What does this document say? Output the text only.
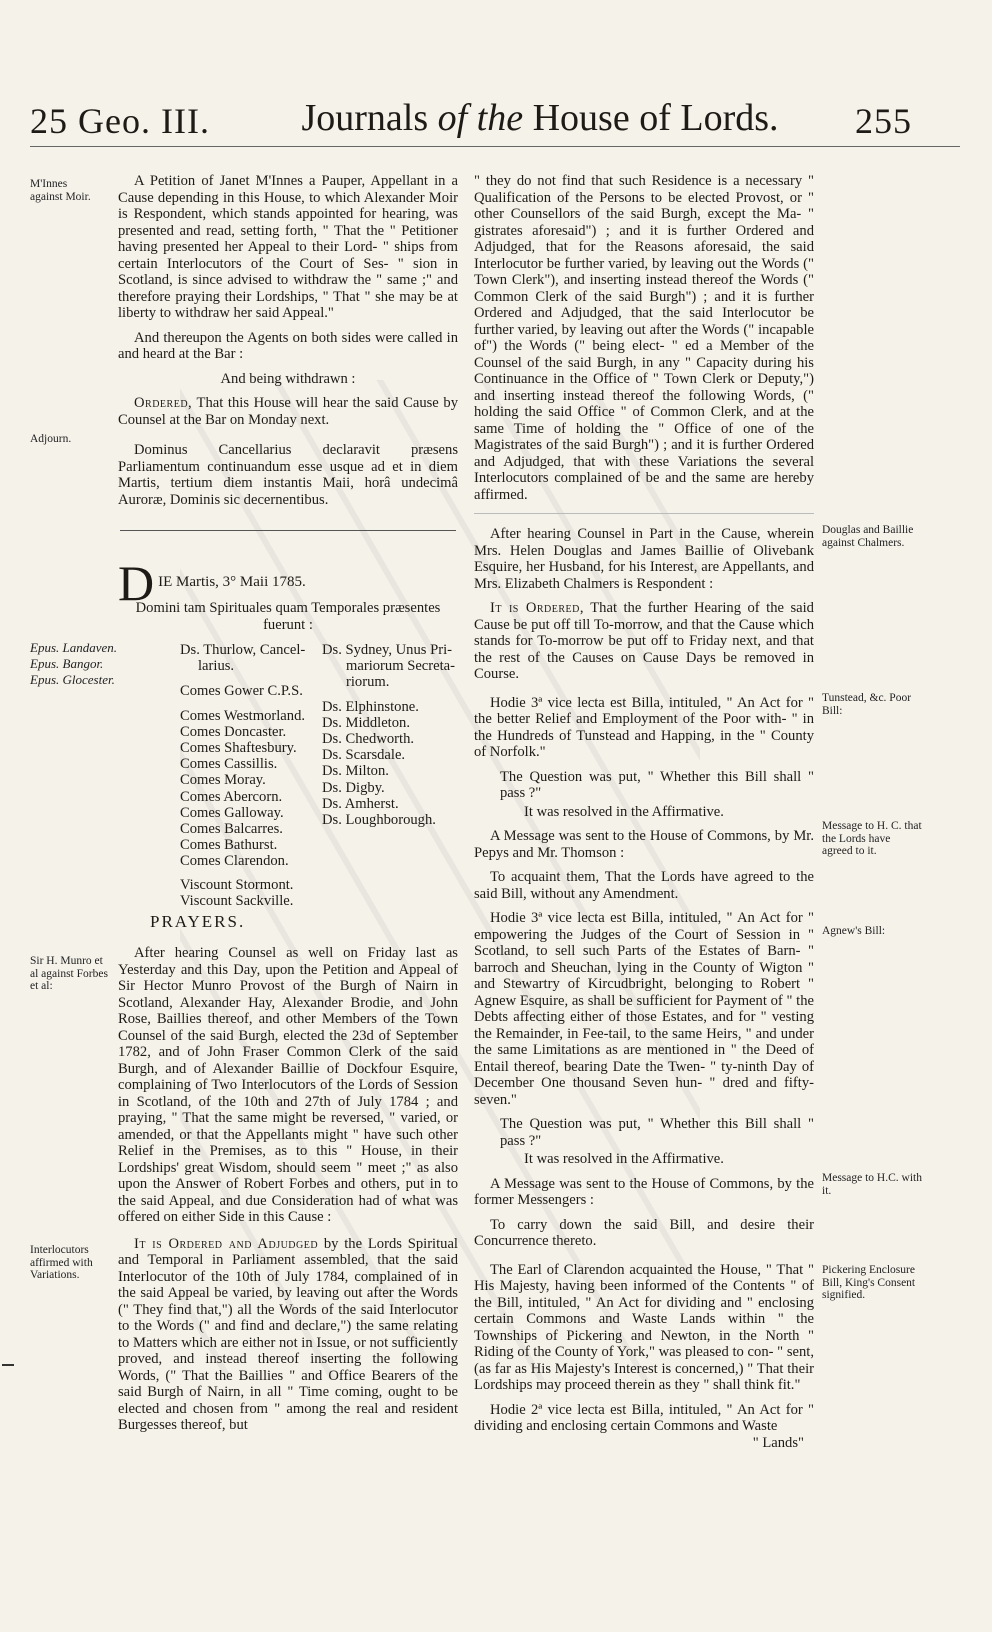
25 Geo. III.	Journals of the House of Lords.	255
M'Innes against Moir.
Adjourn.
Epus. Landaven.
Epus. Bangor.
Epus. Glocester.
Sir H. Munro et al against Forbes et al:
Interlocutors affirmed with Variations.

A Petition of Janet M'Innes a Pauper, Appellant in a Cause depending in this House, to which Alexander Moir is Respondent, which stands appointed for hearing, was presented and read, setting forth, " That the " Petitioner having presented her Appeal to their Lord- " ships from certain Interlocutors of the Court of Ses- " sion in Scotland, is since advised to withdraw the " same ;" and therefore praying their Lordships, " That " she may be at liberty to withdraw her said Appeal."

And thereupon the Agents on both sides were called in and heard at the Bar :

And being withdrawn :

Ordered, That this House will hear the said Cause by Counsel at the Bar on Monday next.

Dominus Cancellarius declaravit præsens Parliamentum continuandum esse usque ad et in diem Martis, tertium diem instantis Maii, horâ undecimâ Auroræ, Dominis sic decernentibus.

D IE Martis, 3° Maii 1785.
Domini tam Spirituales quam Temporales præsentes fuerunt :
Ds. Thurlow, Cancel-
larius.
Comes Gower C.P.S.
Comes Westmorland.
Comes Doncaster.
Comes Shaftesbury.
Comes Cassillis.
Comes Moray.
Comes Abercorn.
Comes Galloway.
Comes Balcarres.
Comes Bathurst.
Comes Clarendon.
Viscount Stormont.
Viscount Sackville.
Ds. Sydney, Unus Pri-
mariorum Secreta-
riorum.
Ds. Elphinstone.
Ds. Middleton.
Ds. Chedworth.
Ds. Scarsdale.
Ds. Milton.
Ds. Digby.
Ds. Amherst.
Ds. Loughborough.
PRAYERS.

After hearing Counsel as well on Friday last as Yesterday and this Day, upon the Petition and Appeal of Sir Hector Munro Provost of the Burgh of Nairn in Scotland, Alexander Hay, Alexander Brodie, and John Rose, Baillies thereof, and other Members of the Town Counsel of the said Burgh, elected the 23d of September 1782, and of John Fraser Common Clerk of the said Burgh, and of Alexander Baillie of Dockfour Esquire, complaining of Two Interlocutors of the Lords of Session in Scotland, of the 10th and 27th of July 1784 ; and praying, " That the same might be reversed, " varied, or amended, or that the Appellants might " have such other Relief in the Premises, as to this " House, in their Lordships' great Wisdom, should seem " meet ;" as also upon the Answer of Robert Forbes and others, put in to the said Appeal, and due Consideration had of what was offered on either Side in this Cause :

It is Ordered and Adjudged by the Lords Spiritual and Temporal in Parliament assembled, that the said Interlocutor of the 10th of July 1784, complained of in the said Appeal be varied, by leaving out after the Words (" They find that,") all the Words of the said Interlocutor to the Words (" and find and declare,") the same relating to Matters which are either not in Issue, or not sufficiently proved, and instead thereof inserting the following Words, (" That the Baillies " and Office Bearers of the said Burgh of Nairn, in all " Time coming, ought to be elected and chosen from " among the real and resident Burgesses thereof, but

" they do not find that such Residence is a necessary " Qualification of the Persons to be elected Provost, or " other Counsellors of the said Burgh, except the Ma- " gistrates aforesaid") ; and it is further Ordered and Adjudged, that for the Reasons aforesaid, the said Interlocutor be further varied, by leaving out the Words (" Town Clerk"), and inserting instead thereof the Words (" Common Clerk of the said Burgh") ; and it is further Ordered and Adjudged, that the said Interlocutor be further varied, by leaving out after the Words (" incapable of") the Words (" being elect- " ed a Member of the Counsel of the said Burgh, in any " Capacity during his Continuance in the Office of " Town Clerk or Deputy,") and inserting instead thereof the following Words, (" holding the said Office " of Common Clerk, and at the same Time of holding the " Office of one of the Magistrates of the said Burgh") ; and it is further Ordered and Adjudged, that with these Variations the several Interlocutors complained of be and the same are hereby affirmed.

After hearing Counsel in Part in the Cause, wherein Mrs. Helen Douglas and James Baillie of Olivebank Esquire, her Husband, for his Interest, are Appellants, and Mrs. Elizabeth Chalmers is Respondent :

It is Ordered, That the further Hearing of the said Cause be put off till To-morrow, and that the Cause which stands for To-morrow be put off to Friday next, and that the rest of the Causes on Cause Days be removed in Course.

Hodie 3ª vice lecta est Billa, intituled, " An Act for " the better Relief and Employment of the Poor with- " in the Hundreds of Tunstead and Happing, in the " County of Norfolk."

The Question was put, " Whether this Bill shall " pass ?"

It was resolved in the Affirmative.

A Message was sent to the House of Commons, by Mr. Pepys and Mr. Thomson :

To acquaint them, That the Lords have agreed to the said Bill, without any Amendment.

Hodie 3ª vice lecta est Billa, intituled, " An Act for " empowering the Judges of the Court of Session in " Scotland, to sell such Parts of the Estates of Barn- " barroch and Sheuchan, lying in the County of Wigton " and Stewartry of Kircudbright, belonging to Robert " Agnew Esquire, as shall be sufficient for Payment of " the Debts affecting either of those Estates, and for " vesting the Remainder, in Fee-tail, to the same Heirs, " and under the same Limitations as are mentioned in " the Deed of Entail thereof, bearing Date the Twen- " ty-ninth Day of December One thousand Seven hun- " dred and fifty-seven."

The Question was put, " Whether this Bill shall " pass ?"

It was resolved in the Affirmative.

A Message was sent to the House of Commons, by the former Messengers :

To carry down the said Bill, and desire their Concurrence thereto.

The Earl of Clarendon acquainted the House, " That " His Majesty, having been informed of the Contents " of the Bill, intituled, " An Act for dividing and " enclosing certain Commons and Waste Lands within " the Townships of Pickering and Newton, in the North " Riding of the County of York," was pleased to con- " sent, (as far as His Majesty's Interest is concerned,) " That their Lordships may proceed therein as they " shall think fit."

Hodie 2ª vice lecta est Billa, intituled, " An Act for " dividing and enclosing certain Commons and Waste

" Lands"
Douglas and Baillie against Chalmers.
Tunstead, &c. Poor Bill:
Message to H. C. that the Lords have agreed to it.
Agnew's Bill:
Message to H.C. with it.
Pickering Enclosure Bill, King's Consent signified.
